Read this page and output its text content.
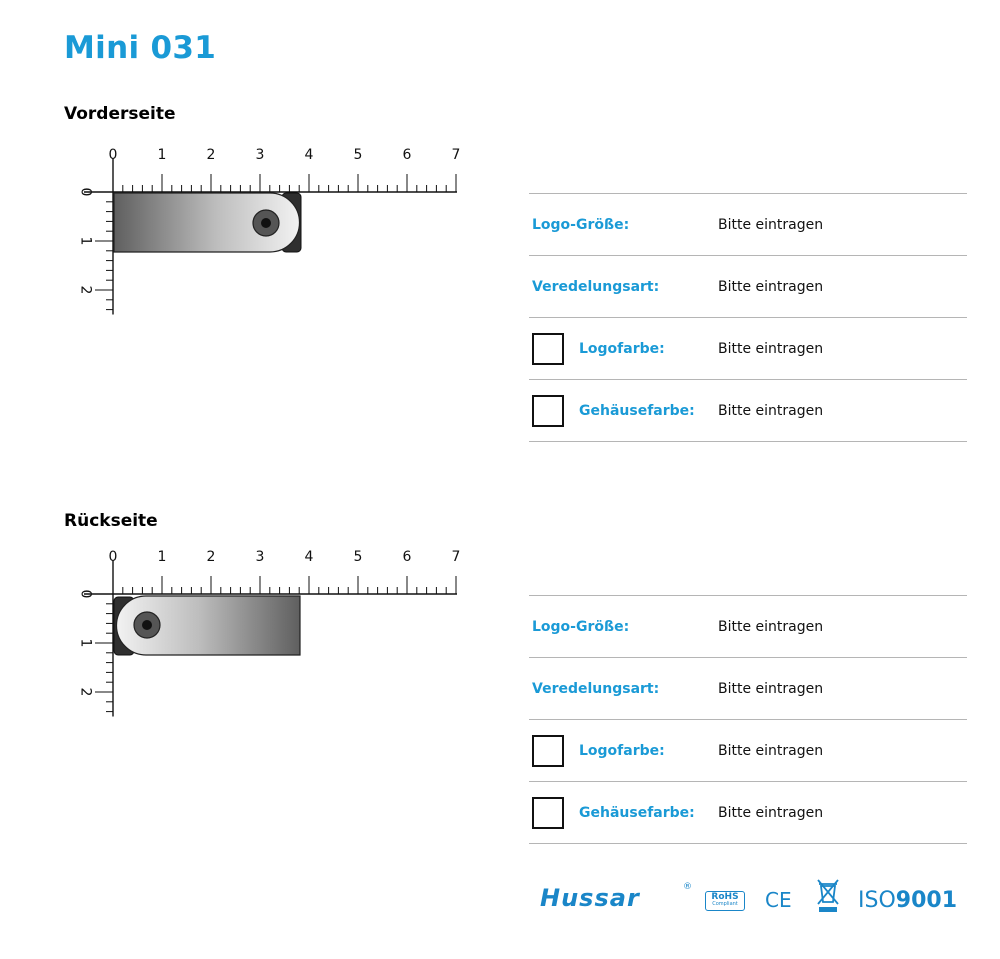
Mini 031
Vorderseite
0	1	2	3	4	5	6	7
0
1
2
Logo-Größe:	Bitte eintragen
Veredelungsart:	Bitte eintragen
Logofarbe:	Bitte eintragen
Gehäusefarbe: Bitte eintragen
Rückseite
0	1	2	3	4	5	6	7
0
1
2
Logo-Größe:	Bitte eintragen
Veredelungsart:	Bitte eintragen
Logofarbe:	Bitte eintragen
Gehäusefarbe: Bitte eintragen
Hussar	®
RoHS
Compliant	CE	ISO9001
